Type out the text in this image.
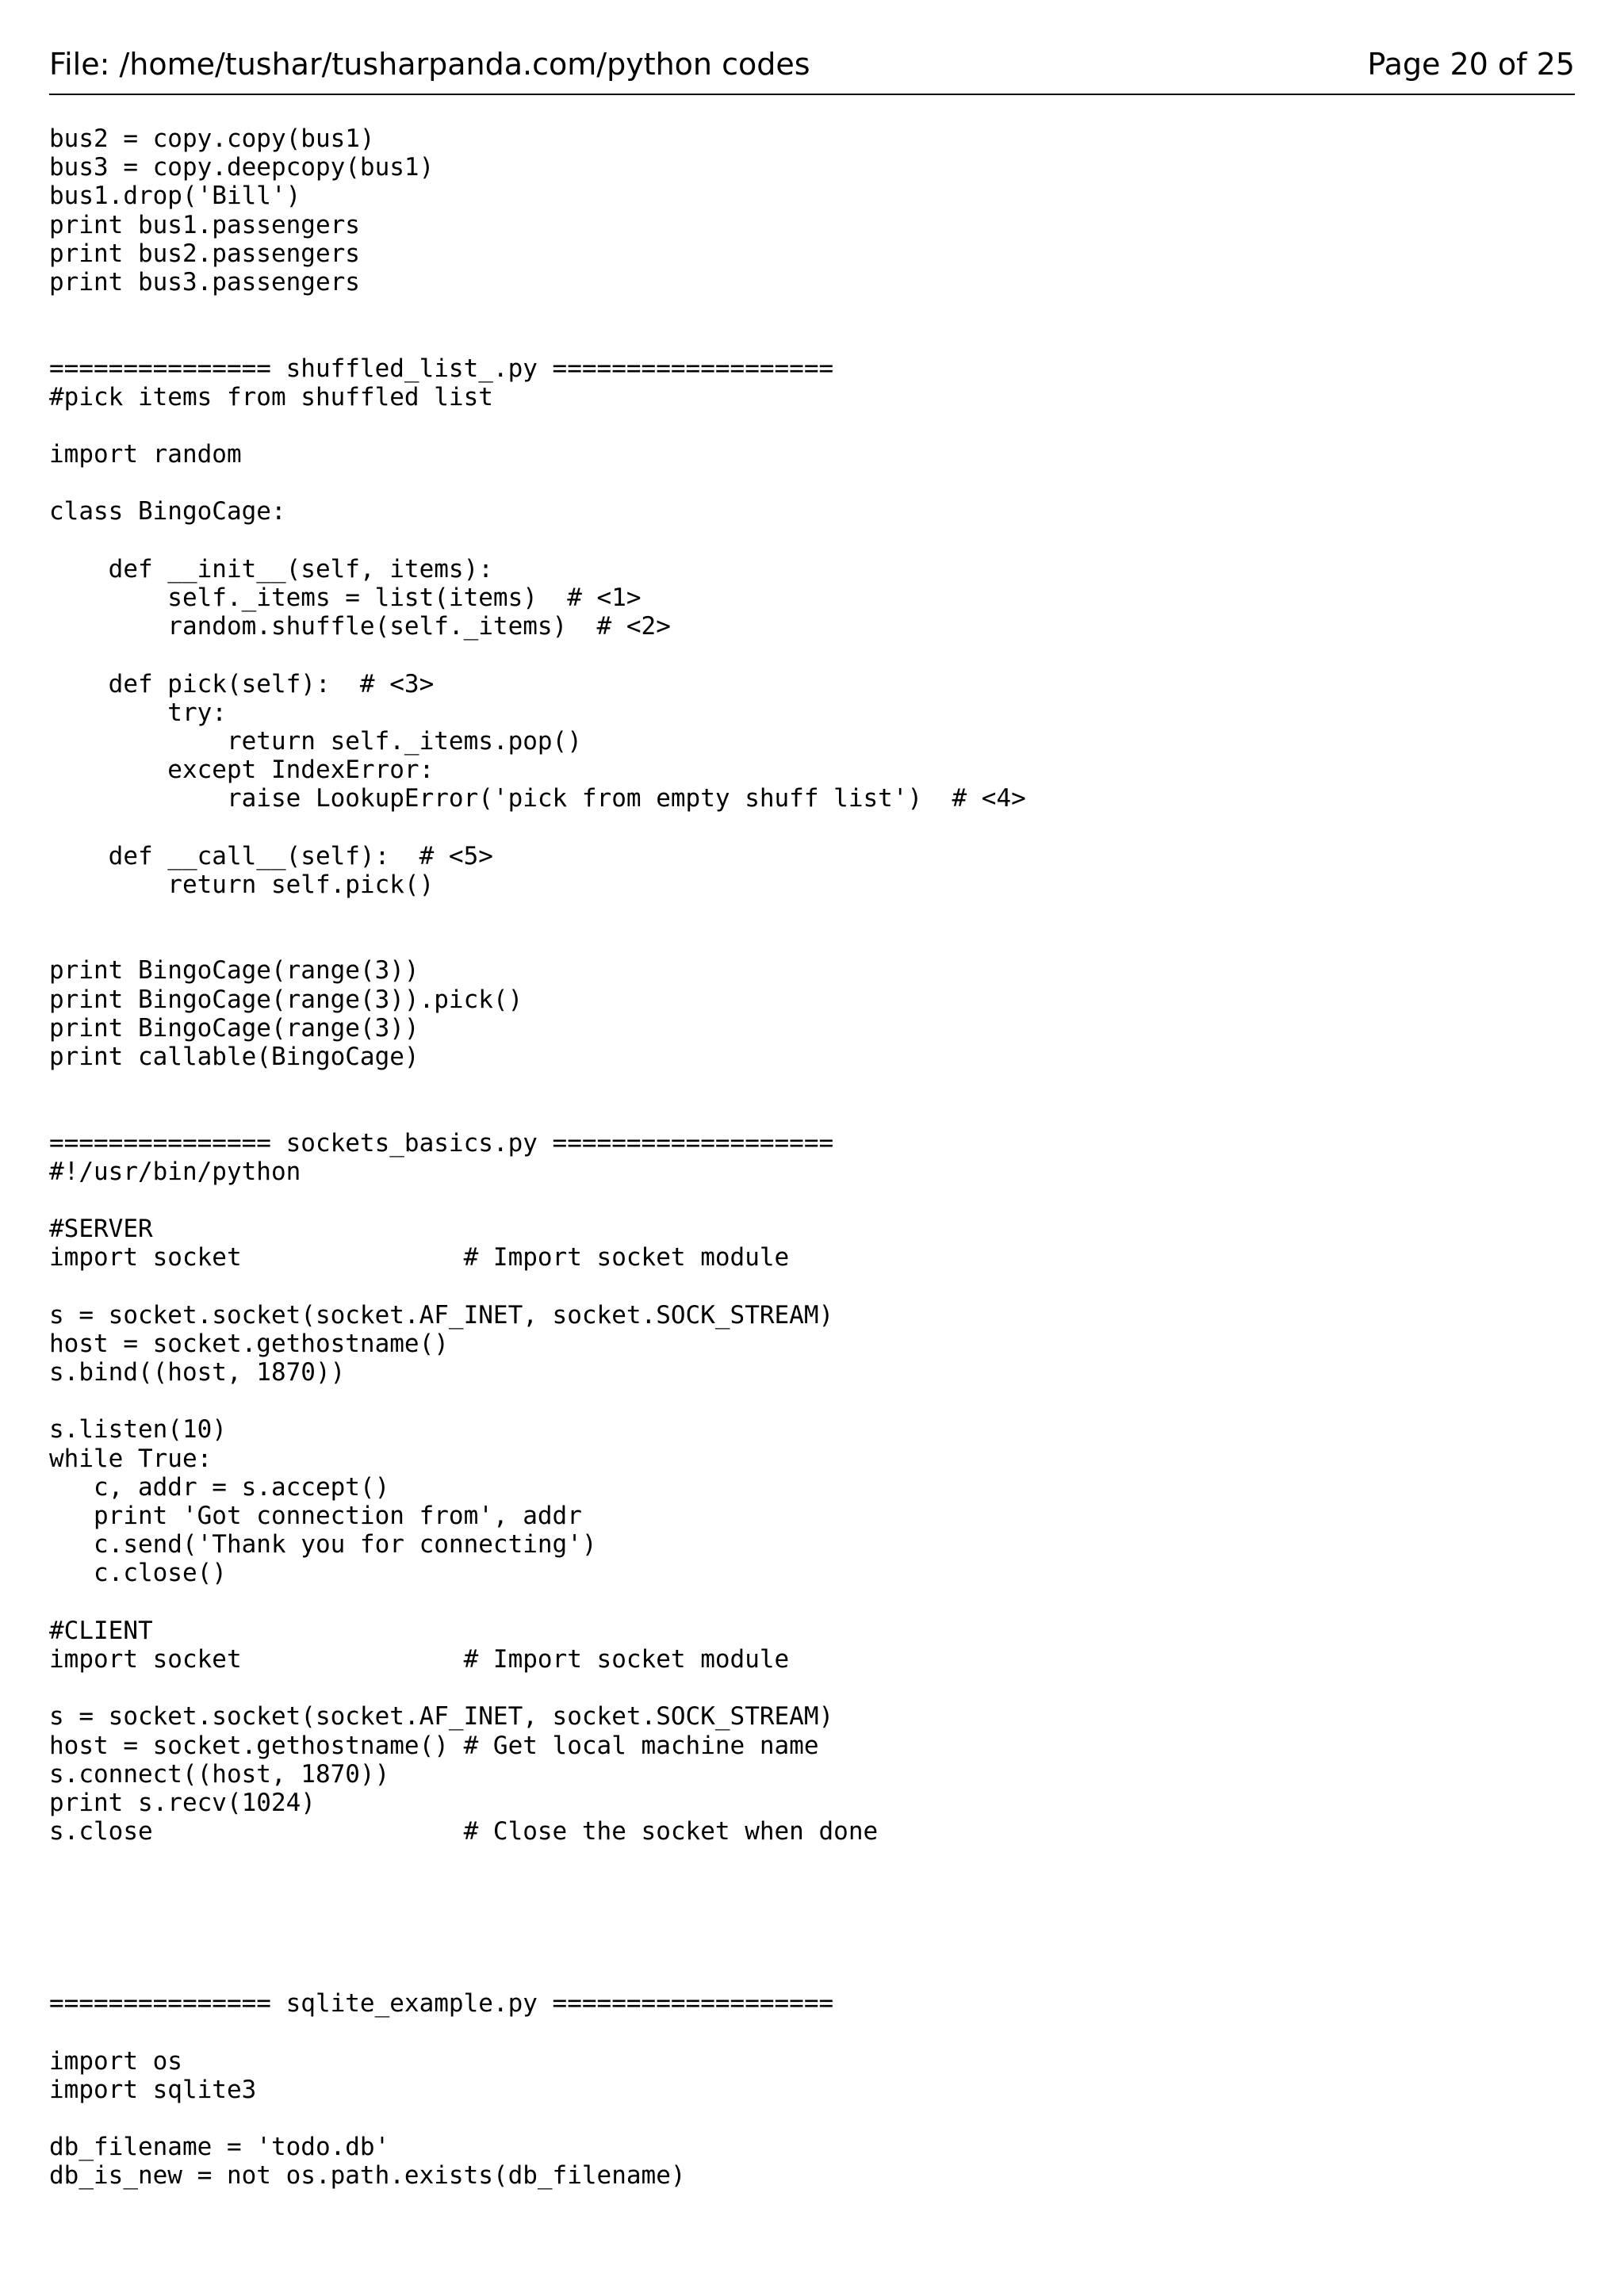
File: /home/tushar/tusharpanda.com/python codes	Page 20 of 25
bus2 = copy.copy(bus1)
bus3 = copy.deepcopy(bus1)
bus1.drop('Bill')
print bus1.passengers
print bus2.passengers
print bus3.passengers
=============== shuffled_list_.py ===================
#pick items from shuffled list
import random
class BingoCage:
def __init__(self, items):
self._items = list(items)  # <1>
random.shuffle(self._items)  # <2>
def pick(self):  # <3>
try:
return self._items.pop()
except IndexError:
raise LookupError('pick from empty shuff list')  # <4>
def __call__(self):  # <5>
return self.pick()
print BingoCage(range(3))
print BingoCage(range(3)).pick()
print BingoCage(range(3))
print callable(BingoCage)
=============== sockets_basics.py ===================
#!/usr/bin/python
#SERVER
import socket               # Import socket module
s = socket.socket(socket.AF_INET, socket.SOCK_STREAM)
host = socket.gethostname()
s.bind((host, 1870))
s.listen(10)
while True:
c, addr = s.accept()
print 'Got connection from', addr
c.send('Thank you for connecting')
c.close()
#CLIENT
import socket               # Import socket module
s = socket.socket(socket.AF_INET, socket.SOCK_STREAM)
host = socket.gethostname() # Get local machine name
s.connect((host, 1870))
print s.recv(1024)
s.close                     # Close the socket when done
=============== sqlite_example.py ===================
import os
import sqlite3
db_filename = 'todo.db'
db_is_new = not os.path.exists(db_filename)
